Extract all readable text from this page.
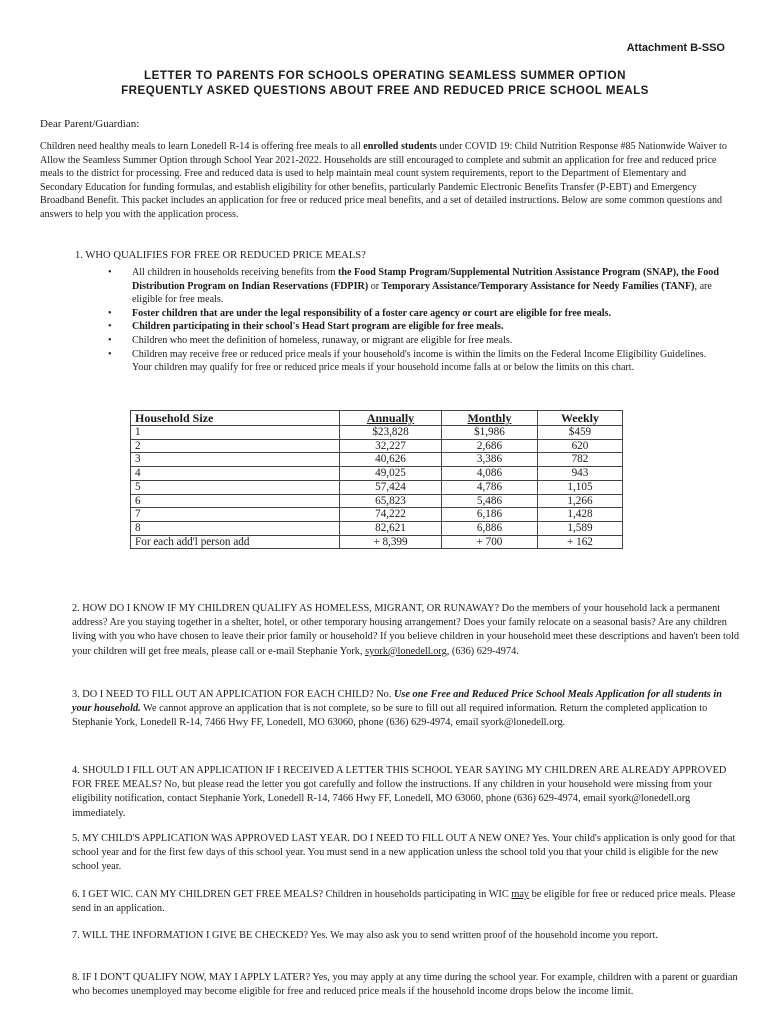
Attachment B-SSO
LETTER TO PARENTS FOR SCHOOLS OPERATING SEAMLESS SUMMER OPTION
FREQUENTLY ASKED QUESTIONS ABOUT FREE AND REDUCED PRICE SCHOOL MEALS
Dear Parent/Guardian:
Children need healthy meals to learn Lonedell R-14 is offering free meals to all enrolled students under COVID 19: Child Nutrition Response #85 Nationwide Waiver to Allow the Seamless Summer Option through School Year 2021-2022. Households are still encouraged to complete and submit an application for free and reduced price meals to the district for processing. Free and reduced data is used to help maintain meal count system requirements, report to the Department of Elementary and Secondary Education for funding formulas, and establish eligibility for other benefits, particularly Pandemic Electronic Benefits Transfer (P-EBT) and Emergency Broadband Benefit. This packet includes an application for free or reduced price meal benefits, and a set of detailed instructions. Below are some common questions and answers to help you with the application process.
1. WHO QUALIFIES FOR FREE OR REDUCED PRICE MEALS?
• All children in households receiving benefits from the Food Stamp Program/Supplemental Nutrition Assistance Program (SNAP), the Food Distribution Program on Indian Reservations (FDPIR) or Temporary Assistance/Temporary Assistance for Needy Families (TANF), are eligible for free meals.
• Foster children that are under the legal responsibility of a foster care agency or court are eligible for free meals.
• Children participating in their school's Head Start program are eligible for free meals.
• Children who meet the definition of homeless, runaway, or migrant are eligible for free meals.
• Children may receive free or reduced price meals if your household's income is within the limits on the Federal Income Eligibility Guidelines. Your children may qualify for free or reduced price meals if your household income falls at or below the limits on this chart.
Household Size	Annually	Monthly	Weekly
1	$23,828	$1,986	$459
2	32,227	2,686	620
3	40,626	3,386	782
4	49,025	4,086	943
5	57,424	4,786	1,105
6	65,823	5,486	1,266
7	74,222	6,186	1,428
8	82,621	6,886	1,589
For each add'l person add	+ 8,399	+ 700	+ 162
2. HOW DO I KNOW IF MY CHILDREN QUALIFY AS HOMELESS, MIGRANT, OR RUNAWAY? Do the members of your household lack a permanent address? Are you staying together in a shelter, hotel, or other temporary housing arrangement? Does your family relocate on a seasonal basis? Are any children living with you who have chosen to leave their prior family or household? If you believe children in your household meet these descriptions and haven't been told your children will get free meals, please call or e-mail Stephanie York, syork@lonedell.org, (636) 629-4974.
3. DO I NEED TO FILL OUT AN APPLICATION FOR EACH CHILD? No. Use one Free and Reduced Price School Meals Application for all students in your household. We cannot approve an application that is not complete, so be sure to fill out all required information. Return the completed application to Stephanie York, Lonedell R-14, 7466 Hwy FF, Lonedell, MO 63060, phone (636) 629-4974, email syork@lonedell.org.
4. SHOULD I FILL OUT AN APPLICATION IF I RECEIVED A LETTER THIS SCHOOL YEAR SAYING MY CHILDREN ARE ALREADY APPROVED FOR FREE MEALS? No, but please read the letter you got carefully and follow the instructions. If any children in your household were missing from your eligibility notification, contact Stephanie York, Lonedell R-14, 7466 Hwy FF, Lonedell, MO 63060, phone (636) 629-4974, email syork@lonedell.org immediately.
5. MY CHILD'S APPLICATION WAS APPROVED LAST YEAR. DO I NEED TO FILL OUT A NEW ONE? Yes. Your child's application is only good for that school year and for the first few days of this school year. You must send in a new application unless the school told you that your child is eligible for the new school year.
6. I GET WIC. CAN MY CHILDREN GET FREE MEALS? Children in households participating in WIC may be eligible for free or reduced price meals. Please send in an application.
7. WILL THE INFORMATION I GIVE BE CHECKED? Yes. We may also ask you to send written proof of the household income you report.
8. IF I DON'T QUALIFY NOW, MAY I APPLY LATER? Yes, you may apply at any time during the school year. For example, children with a parent or guardian who becomes unemployed may become eligible for free and reduced price meals if the household income drops below the income limit.
